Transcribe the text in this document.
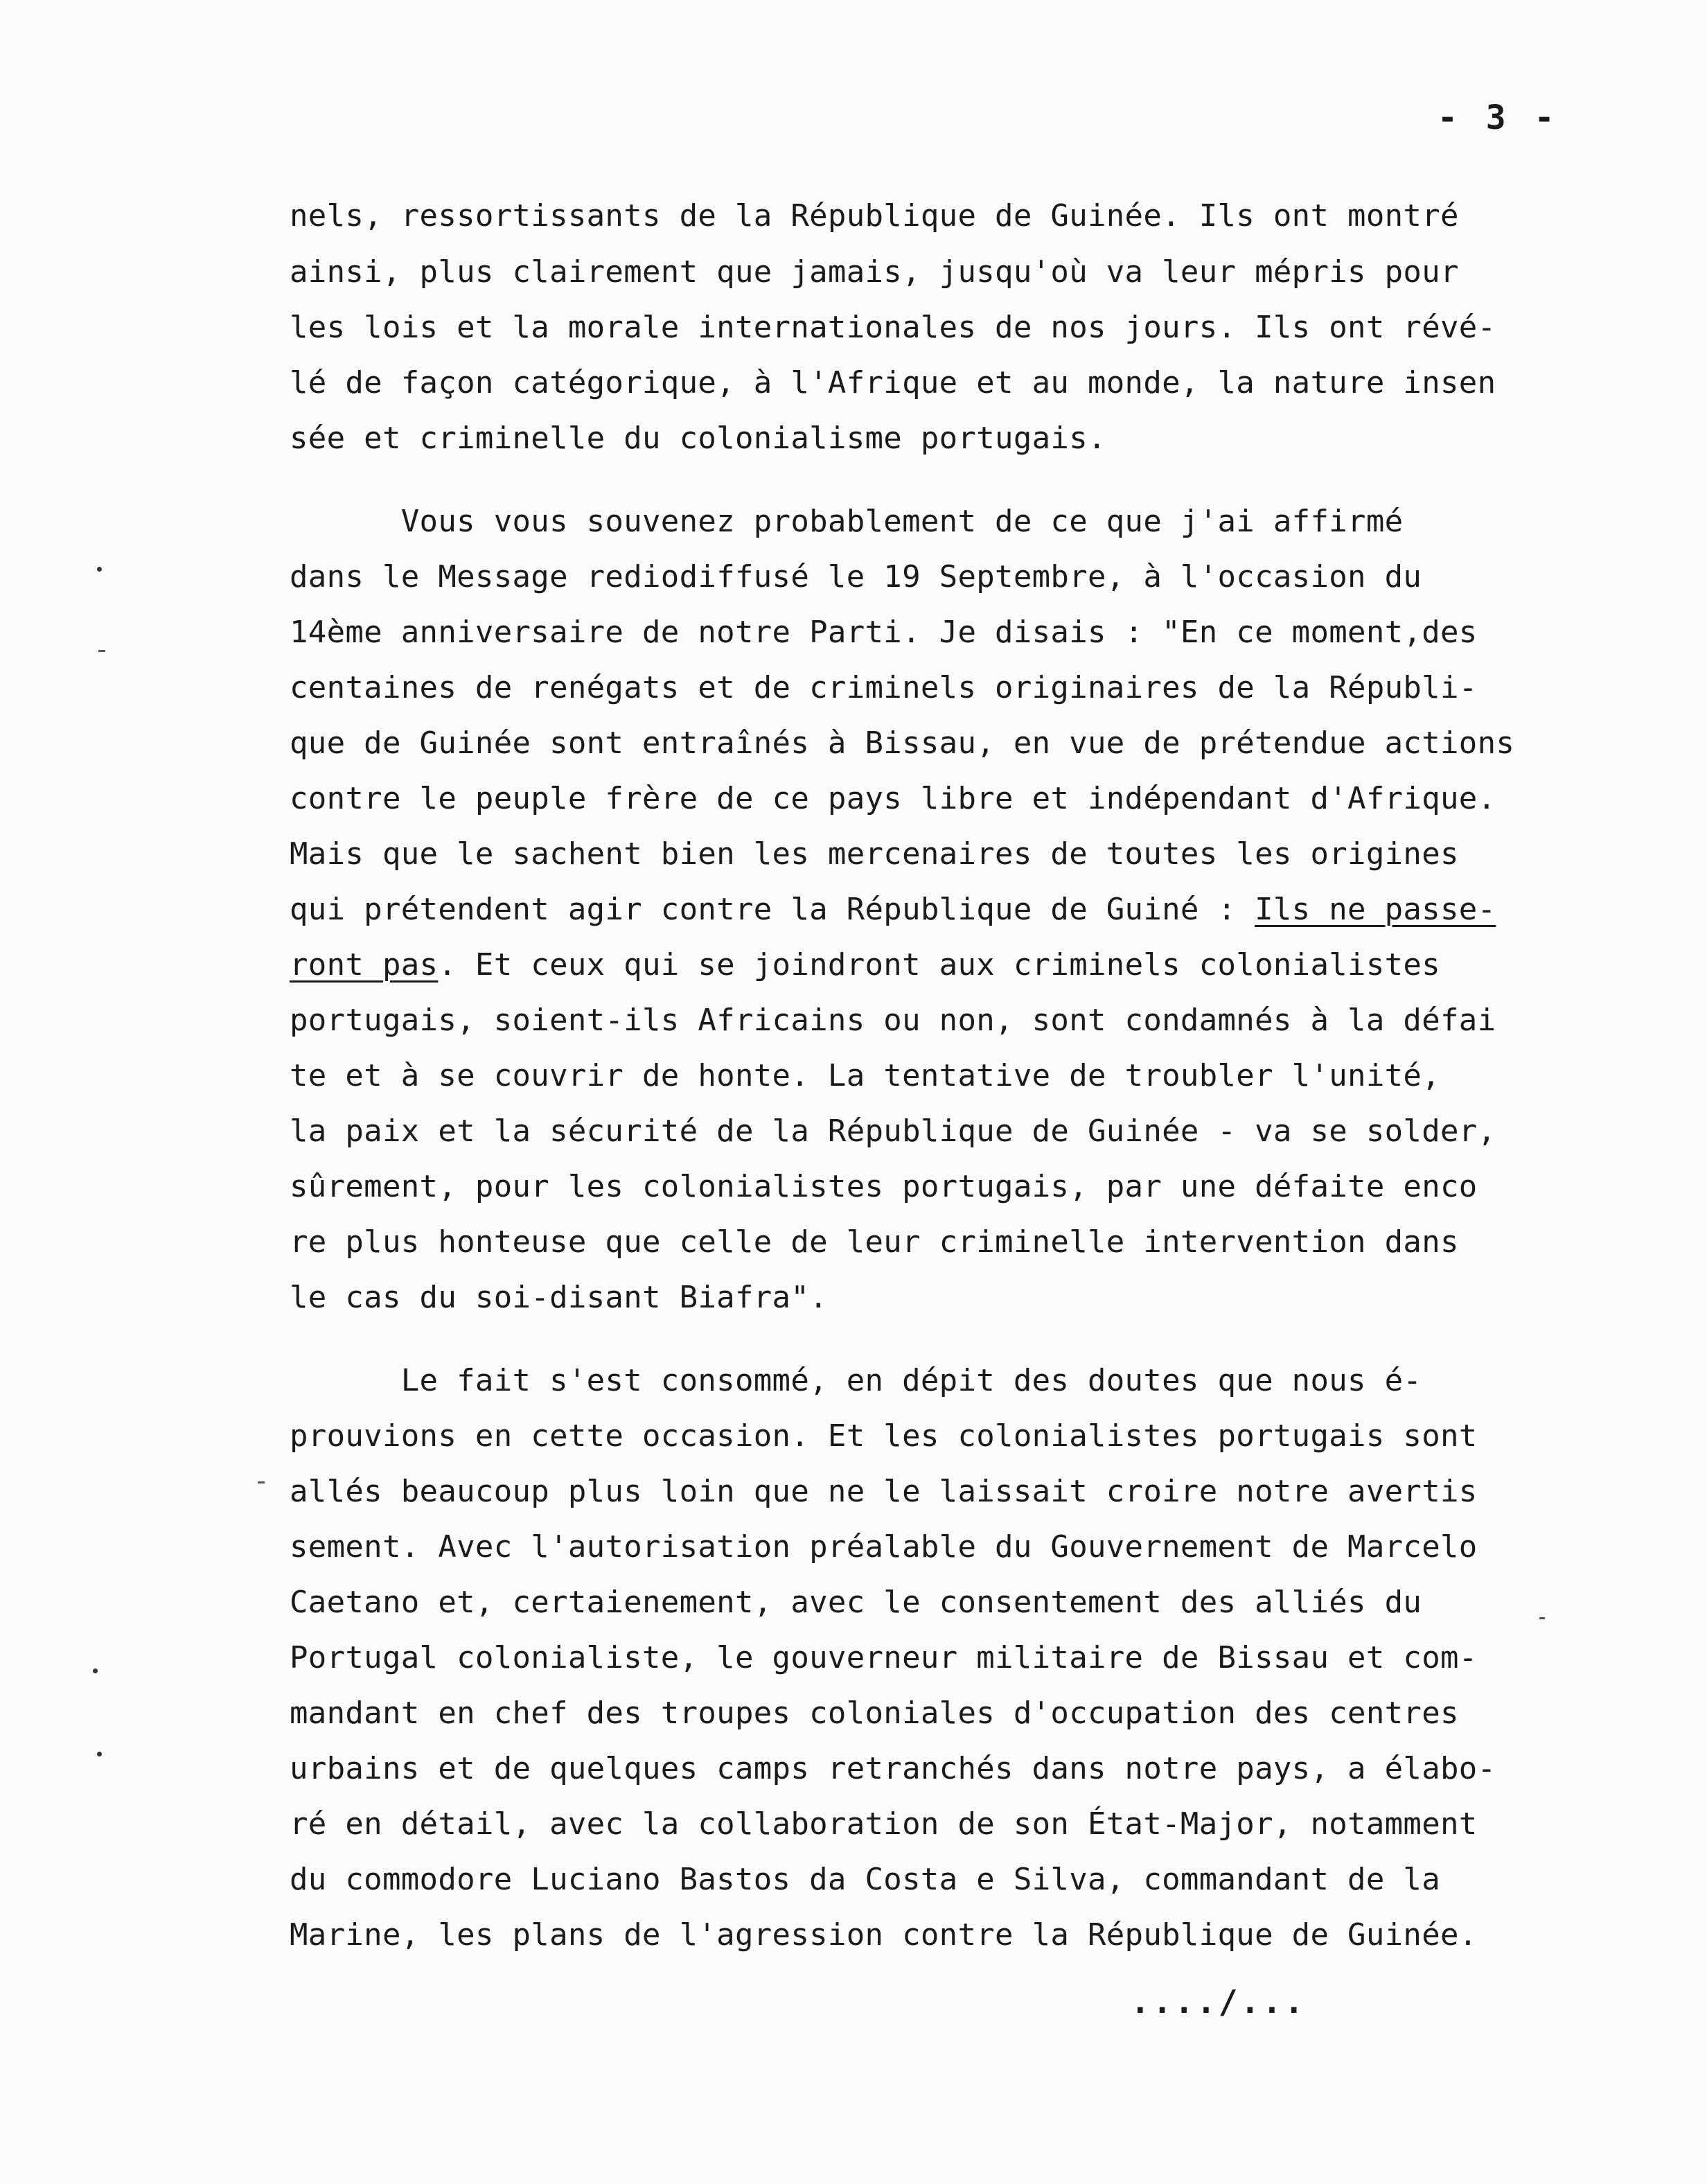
- 3 -
nels, ressortissants de la République de Guinée. Ils ont montré
ainsi, plus clairement que jamais, jusqu'où va leur mépris pour
les lois et la morale internationales de nos jours. Ils ont révé-
lé de façon catégorique, à l'Afrique et au monde, la nature insen
sée et criminelle du colonialisme portugais.
Vous vous souvenez probablement de ce que j'ai affirmé
dans le Message rediodiffusé le 19 Septembre, à l'occasion du
14ème anniversaire de notre Parti. Je disais : "En ce moment,des
centaines de renégats et de criminels originaires de la Républi-
que de Guinée sont entraînés à Bissau, en vue de prétendue actions
contre le peuple frère de ce pays libre et indépendant d'Afrique.
Mais que le sachent bien les mercenaires de toutes les origines
qui prétendent agir contre la République de Guiné : Ils ne passe-
ront pas. Et ceux qui se joindront aux criminels colonialistes
portugais, soient-ils Africains ou non, sont condamnés à la défai
te et à se couvrir de honte. La tentative de troubler l'unité,
la paix et la sécurité de la République de Guinée - va se solder,
sûrement, pour les colonialistes portugais, par une défaite enco
re plus honteuse que celle de leur criminelle intervention dans
le cas du soi-disant Biafra".
Le fait s'est consommé, en dépit des doutes que nous é-
prouvions en cette occasion. Et les colonialistes portugais sont
allés beaucoup plus loin que ne le laissait croire notre avertis
sement. Avec l'autorisation préalable du Gouvernement de Marcelo
Caetano et, certaienement, avec le consentement des alliés du
Portugal colonialiste, le gouverneur militaire de Bissau et com-
mandant en chef des troupes coloniales d'occupation des centres
urbains et de quelques camps retranchés dans notre pays, a élabo-
ré en détail, avec la collaboration de son État-Major, notamment
du commodore Luciano Bastos da Costa e Silva, commandant de la
Marine, les plans de l'agression contre la République de Guinée.
..../...
